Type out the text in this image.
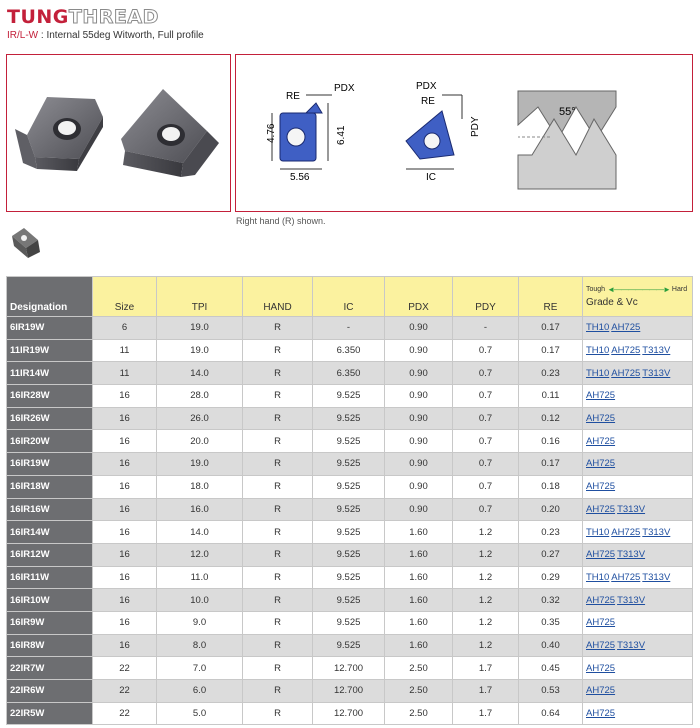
TUNG THREAD
IR/L-W : Internal 55deg Witworth, Full profile
4.76	6.41
5.56
RE
PDX	PDX
RE
PDY
IC
55°
Right hand (R) shown.
Designation	Size	TPI	HAND	IC	PDX	PDY	RE	Tough ◄———————► Hard
Grade & Vc

6IR19W	6	19.0	R	-	0.90	-	0.17	TH10 AH725
11IR19W	11	19.0	R	6.350	0.90	0.7	0.17	TH10 AH725 T313V
11IR14W	11	14.0	R	6.350	0.90	0.7	0.23	TH10 AH725 T313V
16IR28W	16	28.0	R	9.525	0.90	0.7	0.11	AH725
16IR26W	16	26.0	R	9.525	0.90	0.7	0.12	AH725
16IR20W	16	20.0	R	9.525	0.90	0.7	0.16	AH725
16IR19W	16	19.0	R	9.525	0.90	0.7	0.17	AH725
16IR18W	16	18.0	R	9.525	0.90	0.7	0.18	AH725
16IR16W	16	16.0	R	9.525	0.90	0.7	0.20	AH725 T313V
16IR14W	16	14.0	R	9.525	1.60	1.2	0.23	TH10 AH725 T313V
16IR12W	16	12.0	R	9.525	1.60	1.2	0.27	AH725 T313V
16IR11W	16	11.0	R	9.525	1.60	1.2	0.29	TH10 AH725 T313V
16IR10W	16	10.0	R	9.525	1.60	1.2	0.32	AH725 T313V
16IR9W	16	9.0	R	9.525	1.60	1.2	0.35	AH725
16IR8W	16	8.0	R	9.525	1.60	1.2	0.40	AH725 T313V
22IR7W	22	7.0	R	12.700	2.50	1.7	0.45	AH725
22IR6W	22	6.0	R	12.700	2.50	1.7	0.53	AH725
22IR5W	22	5.0	R	12.700	2.50	1.7	0.64	AH725
